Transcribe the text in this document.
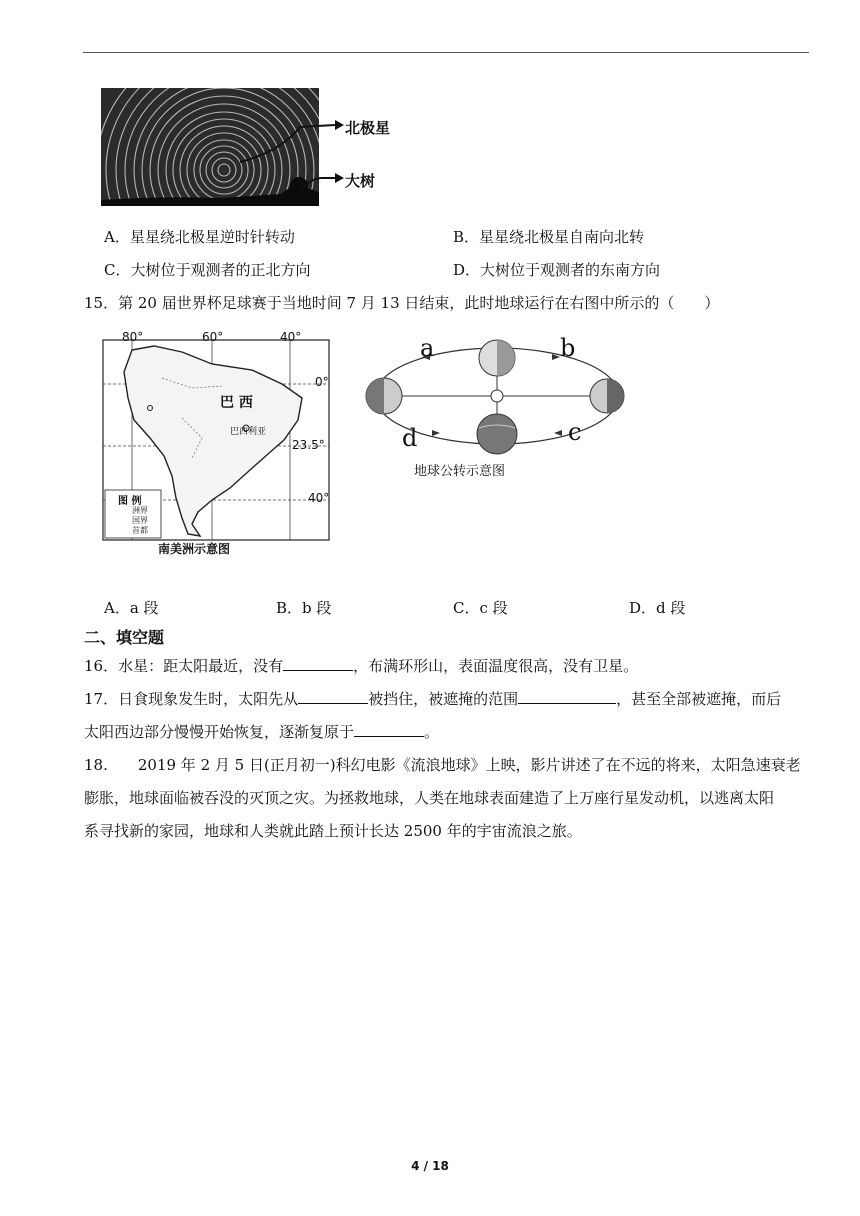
北极星
大树
A．星星绕北极星逆时针转动	B．星星绕北极星自南向北转
C．大树位于观测者的正北方向	D．大树位于观测者的东南方向
15．第 20 届世界杯足球赛于当地时间 7 月 13 日结束，此时地球运行在右图中所示的（　　）
80°	60°	40°
0°
23.5°
40°
巴 西
巴西利亚
图 例
洲界
国界
首都
南美洲示意图
a	b
c
d
地球公转示意图
A．a 段	B．b 段	C．c 段	D．d 段
二、填空题
16．水星：距太阳最近，没有	，布满环形山，表面温度很高，没有卫星。
17．日食现象发生时，太阳先从	被挡住，被遮掩的范围	，甚至全部被遮掩，而后
太阳西边部分慢慢开始恢复，逐渐复原于	。
18.　　2019 年 2 月 5 日(正月初一)科幻电影《流浪地球》上映，影片讲述了在不远的将来，太阳急速衰老
膨胀，地球面临被吞没的灭顶之灾。为拯救地球，人类在地球表面建造了上万座行星发动机，以逃离太阳
系寻找新的家园，地球和人类就此踏上预计长达 2500 年的宇宙流浪之旅。
4 / 18
